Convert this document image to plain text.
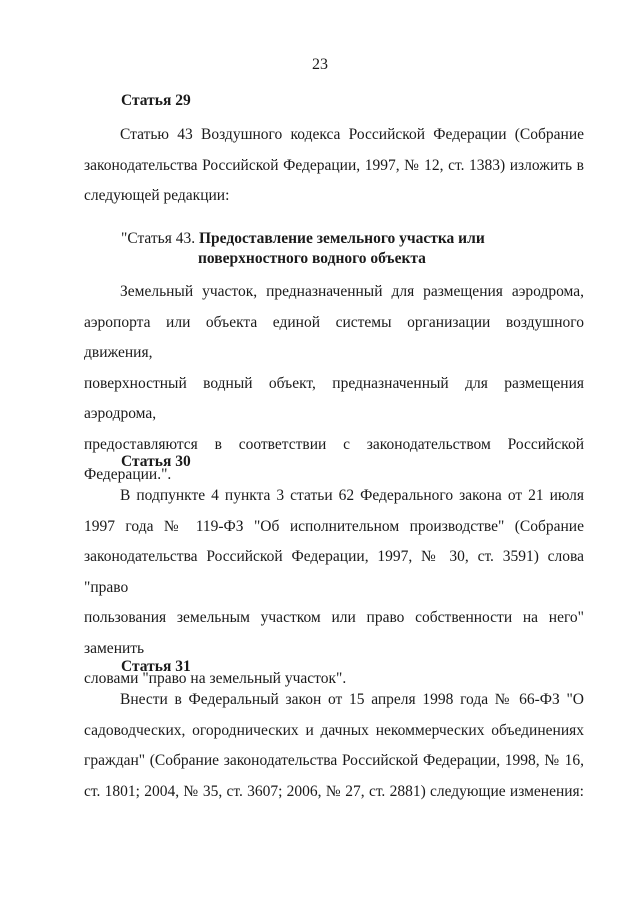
23
Статья 29
Статью 43 Воздушного кодекса Российской Федерации (Собрание
законодательства Российской Федерации, 1997, № 12, ст. 1383) изложить в
следующей редакции:
"Статья 43. Предоставление земельного участка или
поверхностного водного объекта
Земельный участок, предназначенный для размещения аэродрома,
аэропорта или объекта единой системы организации воздушного движения,
поверхностный водный объект, предназначенный для размещения аэродрома,
предоставляются в соответствии с законодательством Российской
Федерации.".
Статья 30
В подпункте 4 пункта 3 статьи 62 Федерального закона от 21 июля
1997 года № 119-ФЗ "Об исполнительном производстве" (Собрание
законодательства Российской Федерации, 1997, № 30, ст. 3591) слова "право
пользования земельным участком или право собственности на него" заменить
словами "право на земельный участок".
Статья 31
Внести в Федеральный закон от 15 апреля 1998 года № 66-ФЗ "О
садоводческих, огороднических и дачных некоммерческих объединениях
граждан" (Собрание законодательства Российской Федерации, 1998, № 16,
ст. 1801; 2004, № 35, ст. 3607; 2006, № 27, ст. 2881) следующие изменения:
